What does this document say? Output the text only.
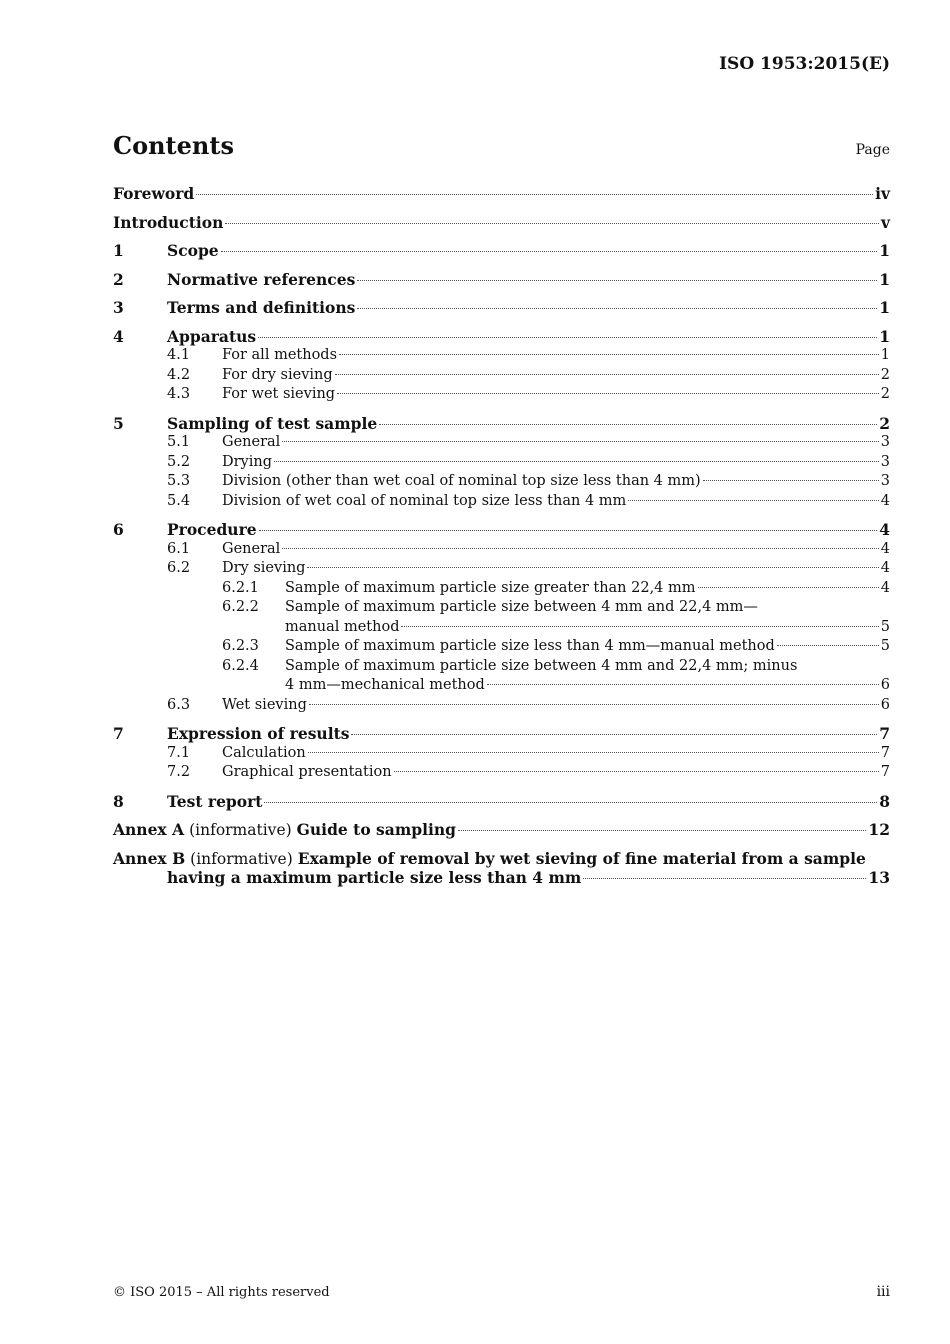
ISO 1953:2015(E)
Contents	Page
Foreword	iv
Introduction	v
1	Scope	1
2	Normative references	1
3	Terms and definitions	1
4	Apparatus	1
4.1	For all methods	1
4.2	For dry sieving	2
4.3	For wet sieving	2
5	Sampling of test sample	2
5.1	General	3
5.2	Drying	3
5.3	Division (other than wet coal of nominal top size less than 4 mm)	3
5.4	Division of wet coal of nominal top size less than 4 mm	4
6	Procedure	4
6.1	General	4
6.2	Dry sieving	4
6.2.1	Sample of maximum particle size greater than 22,4 mm	4
6.2.2	Sample of maximum particle size between 4 mm and 22,4 mm—
manual method	5
6.2.3	Sample of maximum particle size less than 4 mm—manual method	5
6.2.4	Sample of maximum particle size between 4 mm and 22,4 mm; minus
4 mm—mechanical method	6
6.3	Wet sieving	6
7	Expression of results	7
7.1	Calculation	7
7.2	Graphical presentation	7
8	Test report	8
Annex A (informative) Guide to sampling	12
Annex B (informative) Example of removal by wet sieving of fine material from a sample
having a maximum particle size less than 4 mm	13
© ISO 2015 – All rights reserved	iii
